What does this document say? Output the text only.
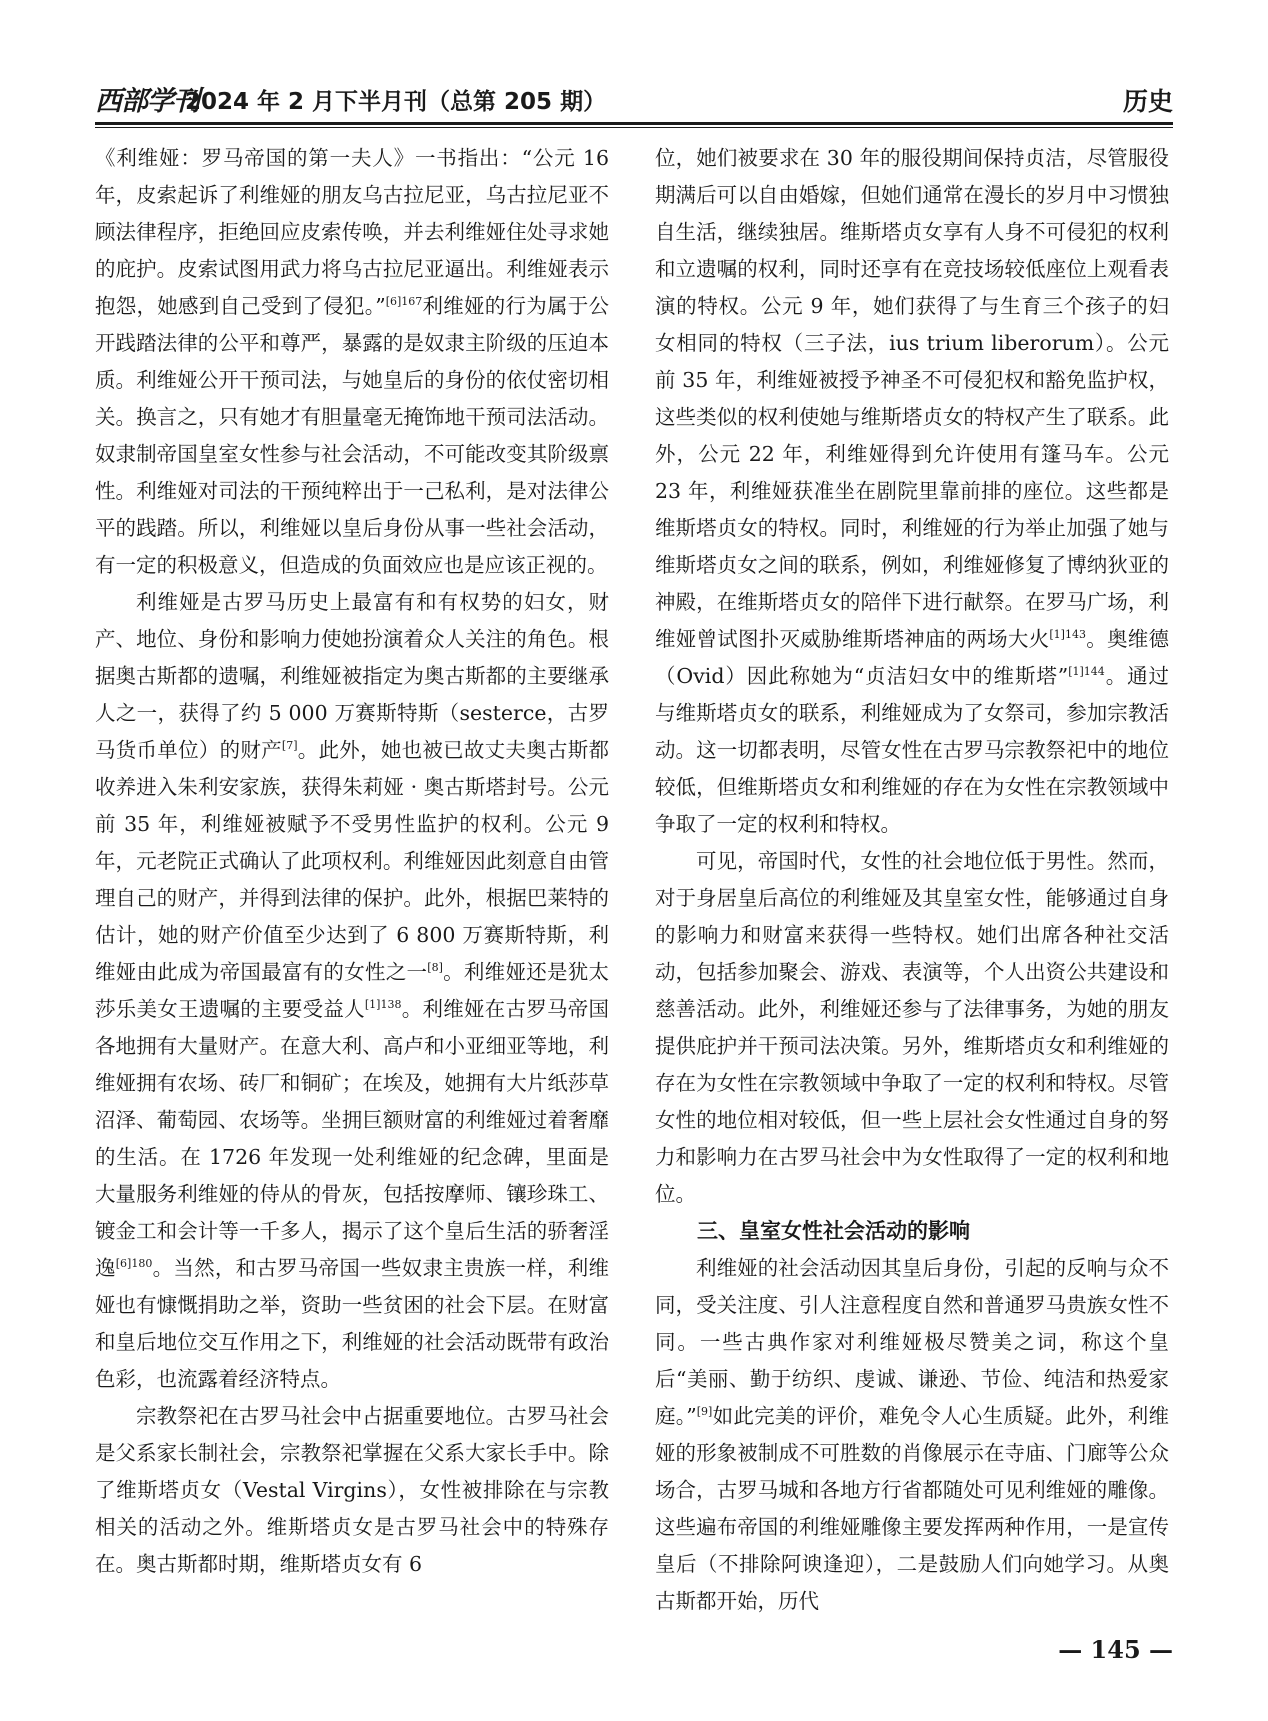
西部学刊
2024 年 2 月下半月刊（总第 205 期）	历史

《利维娅：罗马帝国的第一夫人》一书指出：“公元 16 年，皮索起诉了利维娅的朋友乌古拉尼亚，乌古拉尼亚不顾法律程序，拒绝回应皮索传唤，并去利维娅住处寻求她的庇护。皮索试图用武力将乌古拉尼亚逼出。利维娅表示抱怨，她感到自己受到了侵犯。”$^{[6]167}$利维娅的行为属于公开践踏法律的公平和尊严，暴露的是奴隶主阶级的压迫本质。利维娅公开干预司法，与她皇后的身份的依仗密切相关。换言之，只有她才有胆量毫无掩饰地干预司法活动。奴隶制帝国皇室女性参与社会活动，不可能改变其阶级禀性。利维娅对司法的干预纯粹出于一己私利，是对法律公平的践踏。所以，利维娅以皇后身份从事一些社会活动，有一定的积极意义，但造成的负面效应也是应该正视的。

利维娅是古罗马历史上最富有和有权势的妇女，财产、地位、身份和影响力使她扮演着众人关注的角色。根据奥古斯都的遗嘱，利维娅被指定为奥古斯都的主要继承人之一，获得了约 5 000 万赛斯特斯（sesterce，古罗马货币单位）的财产[7]。此外，她也被已故丈夫奥古斯都收养进入朱利安家族，获得朱莉娅 · 奥古斯塔封号。公元前 35 年，利维娅被赋予不受男性监护的权利。公元 9 年，元老院正式确认了此项权利。利维娅因此刻意自由管理自己的财产，并得到法律的保护。此外，根据巴莱特的估计，她的财产价值至少达到了 6 800 万赛斯特斯，利维娅由此成为帝国最富有的女性之一[8]。利维娅还是犹太莎乐美女王遗嘱的主要受益人$^{[1]138}$。利维娅在古罗马帝国各地拥有大量财产。在意大利、高卢和小亚细亚等地，利维娅拥有农场、砖厂和铜矿；在埃及，她拥有大片纸莎草沼泽、葡萄园、农场等。坐拥巨额财富的利维娅过着奢靡的生活。在 1726 年发现一处利维娅的纪念碑，里面是大量服务利维娅的侍从的骨灰，包括按摩师、镶珍珠工、镀金工和会计等一千多人，揭示了这个皇后生活的骄奢淫逸$^{[6]180}$。当然，和古罗马帝国一些奴隶主贵族一样，利维娅也有慷慨捐助之举，资助一些贫困的社会下层。在财富和皇后地位交互作用之下，利维娅的社会活动既带有政治色彩，也流露着经济特点。

宗教祭祀在古罗马社会中占据重要地位。古罗马社会是父系家长制社会，宗教祭祀掌握在父系大家长手中。除了维斯塔贞女（Vestal Virgins），女性被排除在与宗教相关的活动之外。维斯塔贞女是古罗马社会中的特殊存在。奥古斯都时期，维斯塔贞女有 6

位，她们被要求在 30 年的服役期间保持贞洁，尽管服役期满后可以自由婚嫁，但她们通常在漫长的岁月中习惯独自生活，继续独居。维斯塔贞女享有人身不可侵犯的权利和立遗嘱的权利，同时还享有在竞技场较低座位上观看表演的特权。公元 9 年，她们获得了与生育三个孩子的妇女相同的特权（三子法，ius trium liberorum）。公元前 35 年，利维娅被授予神圣不可侵犯权和豁免监护权，这些类似的权利使她与维斯塔贞女的特权产生了联系。此外，公元 22 年，利维娅得到允许使用有篷马车。公元 23 年，利维娅获准坐在剧院里靠前排的座位。这些都是维斯塔贞女的特权。同时，利维娅的行为举止加强了她与维斯塔贞女之间的联系，例如，利维娅修复了博纳狄亚的神殿，在维斯塔贞女的陪伴下进行献祭。在罗马广场，利维娅曾试图扑灭威胁维斯塔神庙的两场大火$^{[1]143}$。奥维德（Ovid）因此称她为“贞洁妇女中的维斯塔”$^{[1]144}$。通过与维斯塔贞女的联系，利维娅成为了女祭司，参加宗教活动。这一切都表明，尽管女性在古罗马宗教祭祀中的地位较低，但维斯塔贞女和利维娅的存在为女性在宗教领域中争取了一定的权利和特权。

可见，帝国时代，女性的社会地位低于男性。然而，对于身居皇后高位的利维娅及其皇室女性，能够通过自身的影响力和财富来获得一些特权。她们出席各种社交活动，包括参加聚会、游戏、表演等，个人出资公共建设和慈善活动。此外，利维娅还参与了法律事务，为她的朋友提供庇护并干预司法决策。另外，维斯塔贞女和利维娅的存在为女性在宗教领域中争取了一定的权利和特权。尽管女性的地位相对较低，但一些上层社会女性通过自身的努力和影响力在古罗马社会中为女性取得了一定的权利和地位。

三、皇室女性社会活动的影响

利维娅的社会活动因其皇后身份，引起的反响与众不同，受关注度、引人注意程度自然和普通罗马贵族女性不同。一些古典作家对利维娅极尽赞美之词，称这个皇后“美丽、勤于纺织、虔诚、谦逊、节俭、纯洁和热爱家庭。”[9]如此完美的评价，难免令人心生质疑。此外，利维娅的形象被制成不可胜数的肖像展示在寺庙、门廊等公众场合，古罗马城和各地方行省都随处可见利维娅的雕像。这些遍布帝国的利维娅雕像主要发挥两种作用，一是宣传皇后（不排除阿谀逢迎），二是鼓励人们向她学习。从奥古斯都开始，历代

— 145 —
